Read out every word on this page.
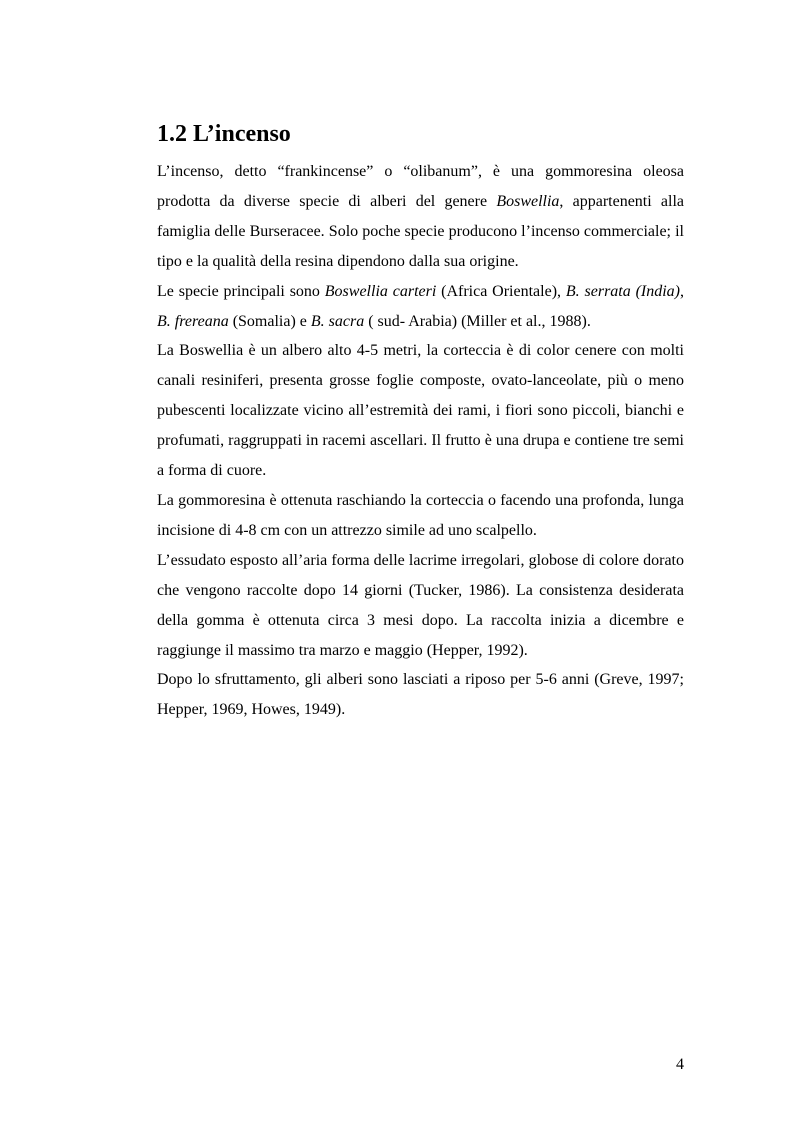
1.2 L’incenso

L’incenso, detto “frankincense” o “olibanum”, è una gommoresina oleosa prodotta da diverse specie di alberi del genere Boswellia, appartenenti alla famiglia delle Burseracee. Solo poche specie producono l’incenso commerciale; il tipo e la qualità della resina dipendono dalla sua origine.

Le specie principali sono Boswellia carteri (Africa Orientale), B. serrata (India), B. frereana (Somalia) e B. sacra ( sud- Arabia) (Miller et al., 1988).

La Boswellia è un albero alto 4-5 metri, la corteccia è di color cenere con molti canali resiniferi, presenta grosse foglie composte, ovato-lanceolate, più o meno pubescenti localizzate vicino all’estremità dei rami, i fiori sono piccoli, bianchi e profumati, raggruppati in racemi ascellari. Il frutto è una drupa e contiene tre semi a forma di cuore.

La gommoresina è ottenuta raschiando la corteccia o facendo una profonda, lunga incisione di 4-8 cm con un attrezzo simile ad uno scalpello.

L’essudato esposto all’aria forma delle lacrime irregolari, globose di colore dorato che vengono raccolte dopo 14 giorni (Tucker, 1986). La consistenza desiderata della gomma è ottenuta circa 3 mesi dopo. La raccolta inizia a dicembre e raggiunge il massimo tra marzo e maggio (Hepper, 1992).

Dopo lo sfruttamento, gli alberi sono lasciati a riposo per 5-6 anni (Greve, 1997; Hepper, 1969, Howes, 1949).

4
